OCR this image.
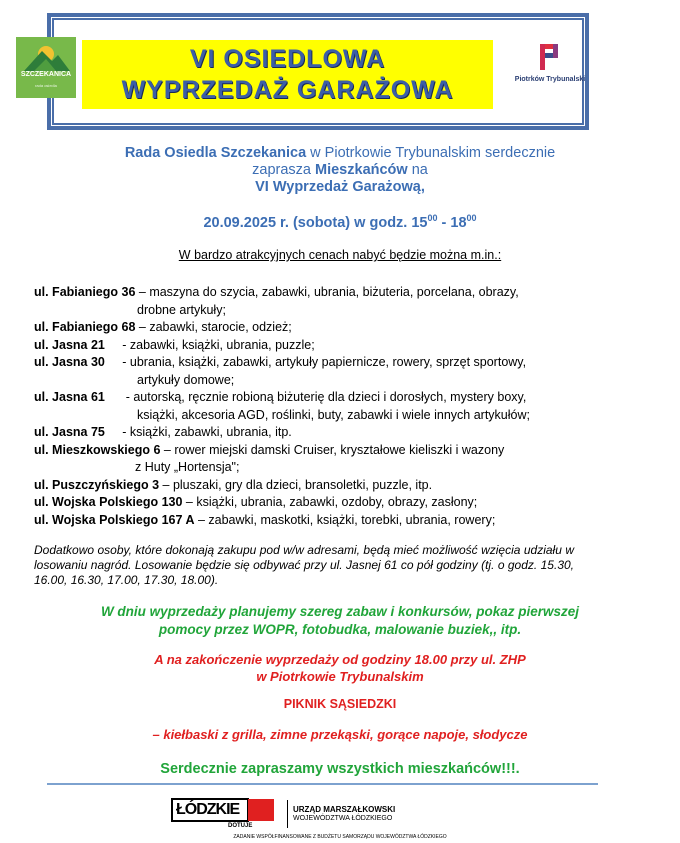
SZCZEKANICA
rada osiedla
VI OSIEDLOWA
WYPRZEDAŻ GARAŻOWA	Piotrków Trybunalski
Rada Osiedla Szczekanica w Piotrkowie Trybunalskim serdecznie
zaprasza Mieszkańców na
VI Wyprzedaż Garażową,
20.09.2025 r. (sobota) w godz. $15^{00} - 18^{00}$
W bardzo atrakcyjnych cenach nabyć będzie można m.in.:
ul. Fabianiego 36 – maszyna do szycia, zabawki, ubrania, biżuteria, porcelana, obrazy,
drobne artykuły;
ul. Fabianiego 68 – zabawki, starocie, odzież;
ul. Jasna 21     - zabawki, książki, ubrania, puzzle;
ul. Jasna 30     - ubrania, książki, zabawki, artykuły papiernicze, rowery, sprzęt sportowy,
artykuły domowe;
ul. Jasna 61      - autorską, ręcznie robioną biżuterię dla dzieci i dorosłych, mystery boxy,
książki, akcesoria AGD, roślinki, buty, zabawki i wiele innych artykułów;
ul. Jasna 75     - książki, zabawki, ubrania, itp.
ul. Mieszkowskiego 6 – rower miejski damski Cruiser, kryształowe kieliszki i wazony
z Huty „Hortensja";
ul. Puszczyńskiego 3 – pluszaki, gry dla dzieci, bransoletki, puzzle, itp.
ul. Wojska Polskiego 130 – książki, ubrania, zabawki, ozdoby, obrazy, zasłony;
ul. Wojska Polskiego 167 A – zabawki, maskotki, książki, torebki, ubrania, rowery;
Dodatkowo osoby, które dokonają zakupu pod w/w adresami, będą mieć możliwość wzięcia udziału w losowaniu nagród. Losowanie będzie się odbywać przy ul. Jasnej 61 co pół godziny (tj. o godz. 15.30, 16.00, 16.30, 17.00, 17.30, 18.00).
W dniu wyprzedaży planujemy szereg zabaw i konkursów, pokaz pierwszej
pomocy przez WOPR, fotobudka, malowanie buziek,, itp.
A na zakończenie wyprzedaży od godziny 18.00 przy ul. ZHP
w Piotrkowie Trybunalskim
PIKNIK SĄSIEDZKI
– kiełbaski z grilla, zimne przekąski, gorące napoje, słodycze
Serdecznie zapraszamy wszystkich mieszkańców!!!.
ŁÓDZKIE
DOTUJE
URZĄD MARSZAŁKOWSKI
WOJEWÓDZTWA ŁÓDZKIEGO
ZADANIE WSPÓŁFINANSOWANE Z BUDŻETU SAMORZĄDU WOJEWÓDZTWA ŁÓDZKIEGO
